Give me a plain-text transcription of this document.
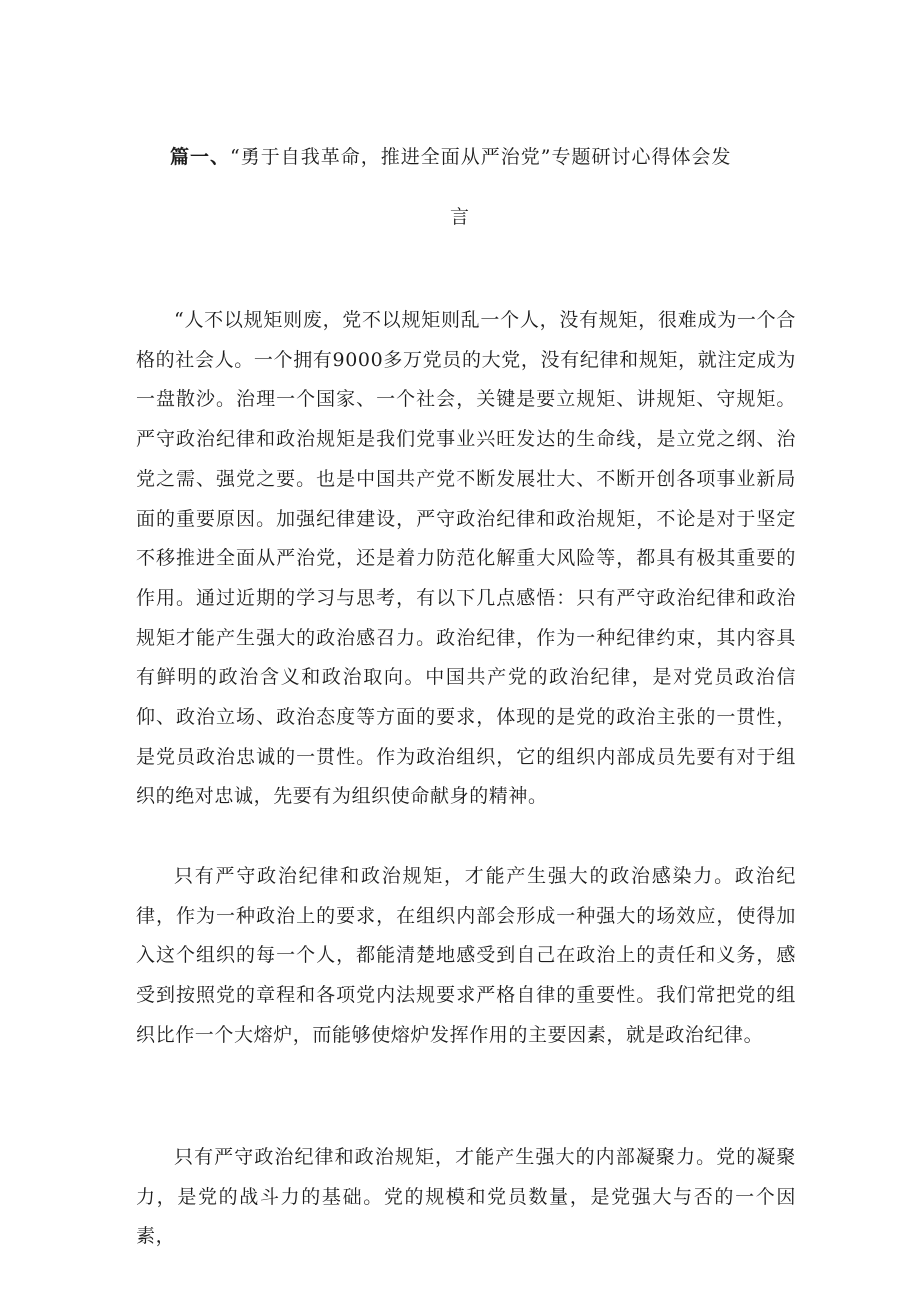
篇一、“勇于自我革命，推进全面从严治党”专题研讨心得体会发
言

“人不以规矩则废，党不以规矩则乱一个人，没有规矩，很难成为一个合格的社会人。一个拥有9000多万党员的大党，没有纪律和规矩，就注定成为一盘散沙。治理一个国家、一个社会，关键是要立规矩、讲规矩、守规矩。严守政治纪律和政治规矩是我们党事业兴旺发达的生命线，是立党之纲、治党之需、强党之要。也是中国共产党不断发展壮大、不断开创各项事业新局面的重要原因。加强纪律建设，严守政治纪律和政治规矩，不论是对于坚定不移推进全面从严治党，还是着力防范化解重大风险等，都具有极其重要的作用。通过近期的学习与思考，有以下几点感悟：只有严守政治纪律和政治规矩才能产生强大的政治感召力。政治纪律，作为一种纪律约束，其内容具有鲜明的政治含义和政治取向。中国共产党的政治纪律，是对党员政治信仰、政治立场、政治态度等方面的要求，体现的是党的政治主张的一贯性，是党员政治忠诚的一贯性。作为政治组织，它的组织内部成员先要有对于组织的绝对忠诚，先要有为组织使命献身的精神。

只有严守政治纪律和政治规矩，才能产生强大的政治感染力。政治纪律，作为一种政治上的要求，在组织内部会形成一种强大的场效应，使得加入这个组织的每一个人，都能清楚地感受到自己在政治上的责任和义务，感受到按照党的章程和各项党内法规要求严格自律的重要性。我们常把党的组织比作一个大熔炉，而能够使熔炉发挥作用的主要因素，就是政治纪律。

只有严守政治纪律和政治规矩，才能产生强大的内部凝聚力。党的凝聚力，是党的战斗力的基础。党的规模和党员数量，是党强大与否的一个因素，
